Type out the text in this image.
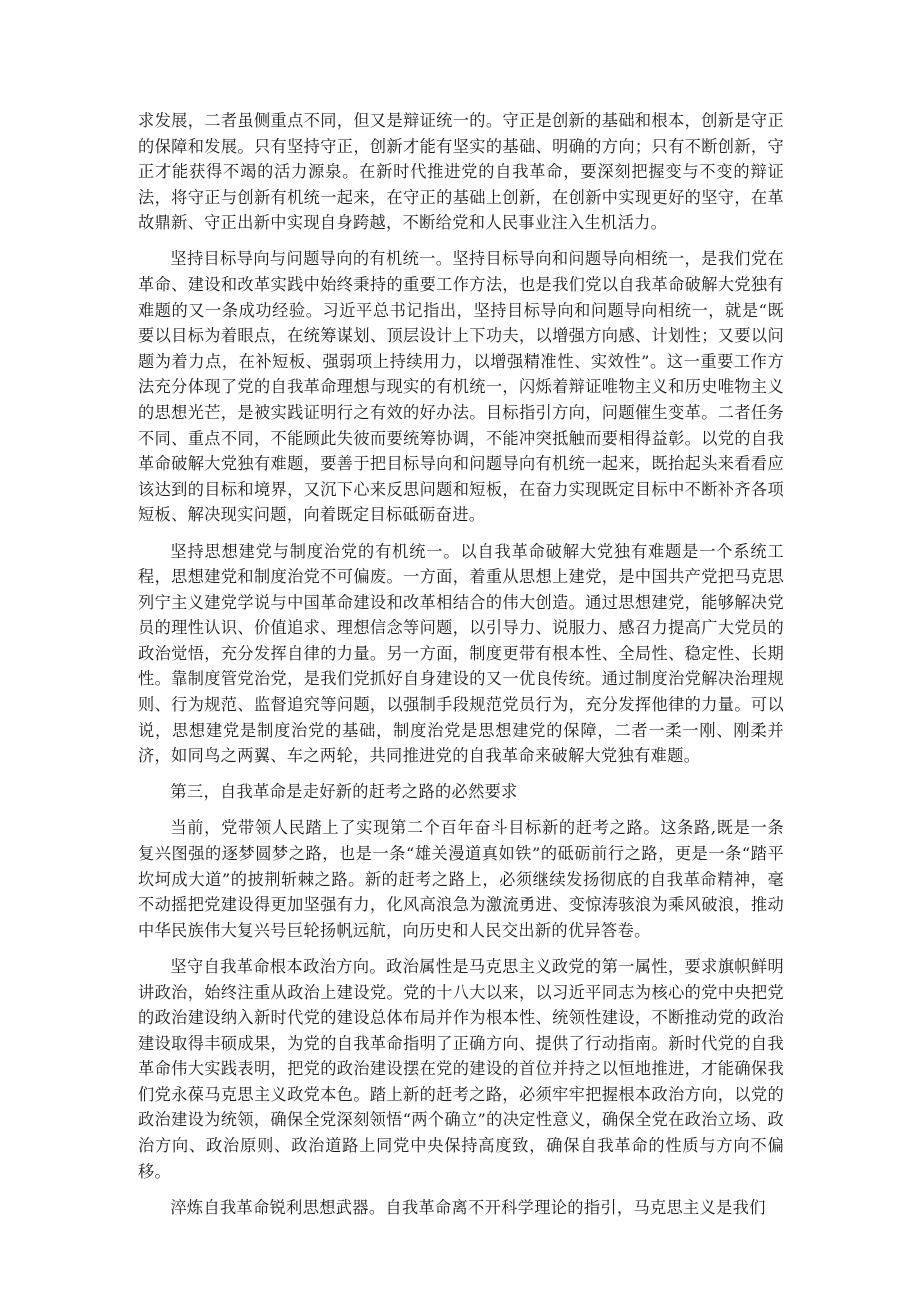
求发展，二者虽侧重点不同，但又是辩证统一的。守正是创新的基础和根本，创新是守正的保障和发展。只有坚持守正，创新才能有坚实的基础、明确的方向；只有不断创新，守正才能获得不竭的活力源泉。在新时代推进党的自我革命，要深刻把握变与不变的辩证法，将守正与创新有机统一起来，在守正的基础上创新，在创新中实现更好的坚守，在革故鼎新、守正出新中实现自身跨越，不断给党和人民事业注入生机活力。

坚持目标导向与问题导向的有机统一。坚持目标导向和问题导向相统一，是我们党在革命、建设和改革实践中始终秉持的重要工作方法，也是我们党以自我革命破解大党独有难题的又一条成功经验。习近平总书记指出，坚持目标导向和问题导向相统一，就是“既要以目标为着眼点，在统筹谋划、顶层设计上下功夫，以增强方向感、计划性；又要以问题为着力点，在补短板、强弱项上持续用力，以增强精准性、实效性”。这一重要工作方法充分体现了党的自我革命理想与现实的有机统一，闪烁着辩证唯物主义和历史唯物主义的思想光芒，是被实践证明行之有效的好办法。目标指引方向，问题催生变革。二者任务不同、重点不同，不能顾此失彼而要统筹协调，不能冲突抵触而要相得益彰。以党的自我革命破解大党独有难题，要善于把目标导向和问题导向有机统一起来，既抬起头来看看应该达到的目标和境界，又沉下心来反思问题和短板，在奋力实现既定目标中不断补齐各项短板、解决现实问题，向着既定目标砥砺奋进。

坚持思想建党与制度治党的有机统一。以自我革命破解大党独有难题是一个系统工程，思想建党和制度治党不可偏废。一方面，着重从思想上建党，是中国共产党把马克思列宁主义建党学说与中国革命建设和改革相结合的伟大创造。通过思想建党，能够解决党员的理性认识、价值追求、理想信念等问题，以引导力、说服力、感召力提高广大党员的政治觉悟，充分发挥自律的力量。另一方面，制度更带有根本性、全局性、稳定性、长期性。靠制度管党治党，是我们党抓好自身建设的又一优良传统。通过制度治党解决治理规则、行为规范、监督追究等问题，以强制手段规范党员行为，充分发挥他律的力量。可以说，思想建党是制度治党的基础，制度治党是思想建党的保障，二者一柔一刚、刚柔并济，如同鸟之两翼、车之两轮，共同推进党的自我革命来破解大党独有难题。

第三，自我革命是走好新的赶考之路的必然要求

当前，党带领人民踏上了实现第二个百年奋斗目标新的赶考之路。这条路,既是一条复兴图强的逐梦圆梦之路，也是一条“雄关漫道真如铁”的砥砺前行之路，更是一条“踏平坎坷成大道”的披荆斩棘之路。新的赶考之路上，必须继续发扬彻底的自我革命精神，毫不动摇把党建设得更加坚强有力，化风高浪急为激流勇进、变惊涛骇浪为乘风破浪，推动中华民族伟大复兴号巨轮扬帆远航，向历史和人民交出新的优异答卷。

坚守自我革命根本政治方向。政治属性是马克思主义政党的第一属性，要求旗帜鲜明讲政治，始终注重从政治上建设党。党的十八大以来，以习近平同志为核心的党中央把党的政治建设纳入新时代党的建设总体布局并作为根本性、统领性建设，不断推动党的政治建设取得丰硕成果，为党的自我革命指明了正确方向、提供了行动指南。新时代党的自我革命伟大实践表明，把党的政治建设摆在党的建设的首位并持之以恒地推进，才能确保我们党永葆马克思主义政党本色。踏上新的赶考之路，必须牢牢把握根本政治方向，以党的政治建设为统领，确保全党深刻领悟“两个确立”的决定性意义，确保全党在政治立场、政治方向、政治原则、政治道路上同党中央保持高度致，确保自我革命的性质与方向不偏移。

淬炼自我革命锐利思想武器。自我革命离不开科学理论的指引，马克思主义是我们
